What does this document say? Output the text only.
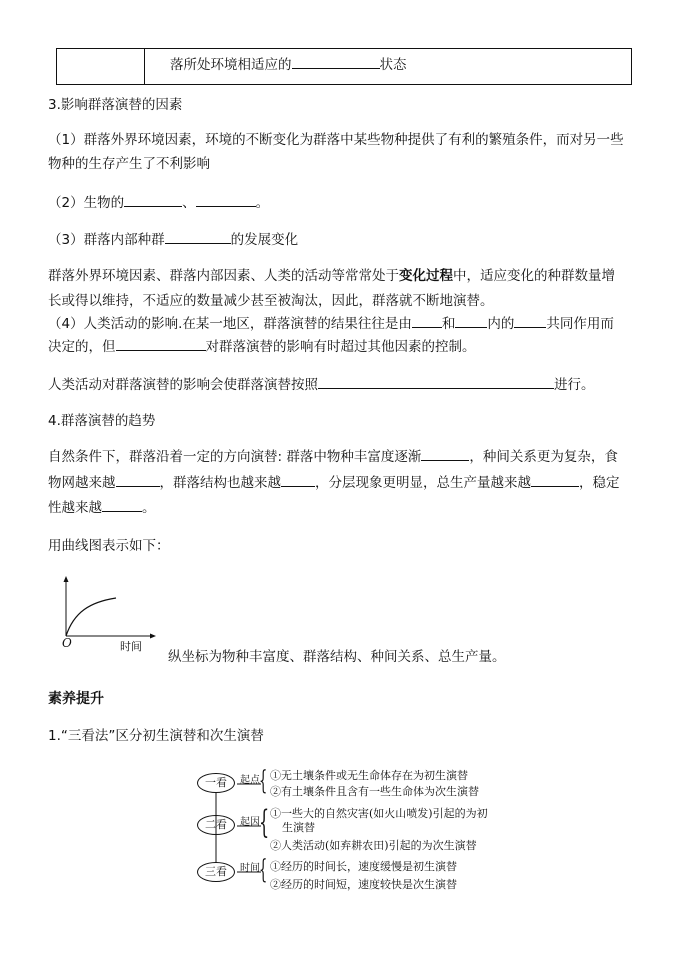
落所处环境相适应的	状态
3.影响群落演替的因素
（1）群落外界环境因素，环境的不断变化为群落中某些物种提供了有利的繁殖条件，而对另一些
物种的生存产生了不利影响
（2）生物的	、	。
（3）群落内部种群	的发展变化
群落外界环境因素、群落内部因素、人类的活动等常常处于变化过程中，适应变化的种群数量增
长或得以维持，不适应的数量减少甚至被淘汰，因此，群落就不断地演替。
（4）人类活动的影响.在某一地区，群落演替的结果往往是由 和 内的 共同作用而
决定的，但	对群落演替的影响有时超过其他因素的控制。
人类活动对群落演替的影响会使群落演替按照	进行。
4.群落演替的趋势
自然条件下，群落沿着一定的方向演替: 群落中物种丰富度逐渐	，种间关系更为复杂，食
物网越来越	，群落结构也越来越	，分层现象更明显，总生产量越来越	，稳定
性越来越	。
用曲线图表示如下：
O	时间
纵坐标为物种丰富度、群落结构、种间关系、总生产量。
素养提升
1.“三看法”区分初生演替和次生演替
一看
二看
三看
起点
起因
时间
{
{
{
①无土壤条件或无生命体存在为初生演替
②有土壤条件且含有一些生命体为次生演替
①一些大的自然灾害(如火山喷发)引起的为初
生演替
②人类活动(如弃耕农田)引起的为次生演替
①经历的时间长，速度缓慢是初生演替
②经历的时间短，速度较快是次生演替
